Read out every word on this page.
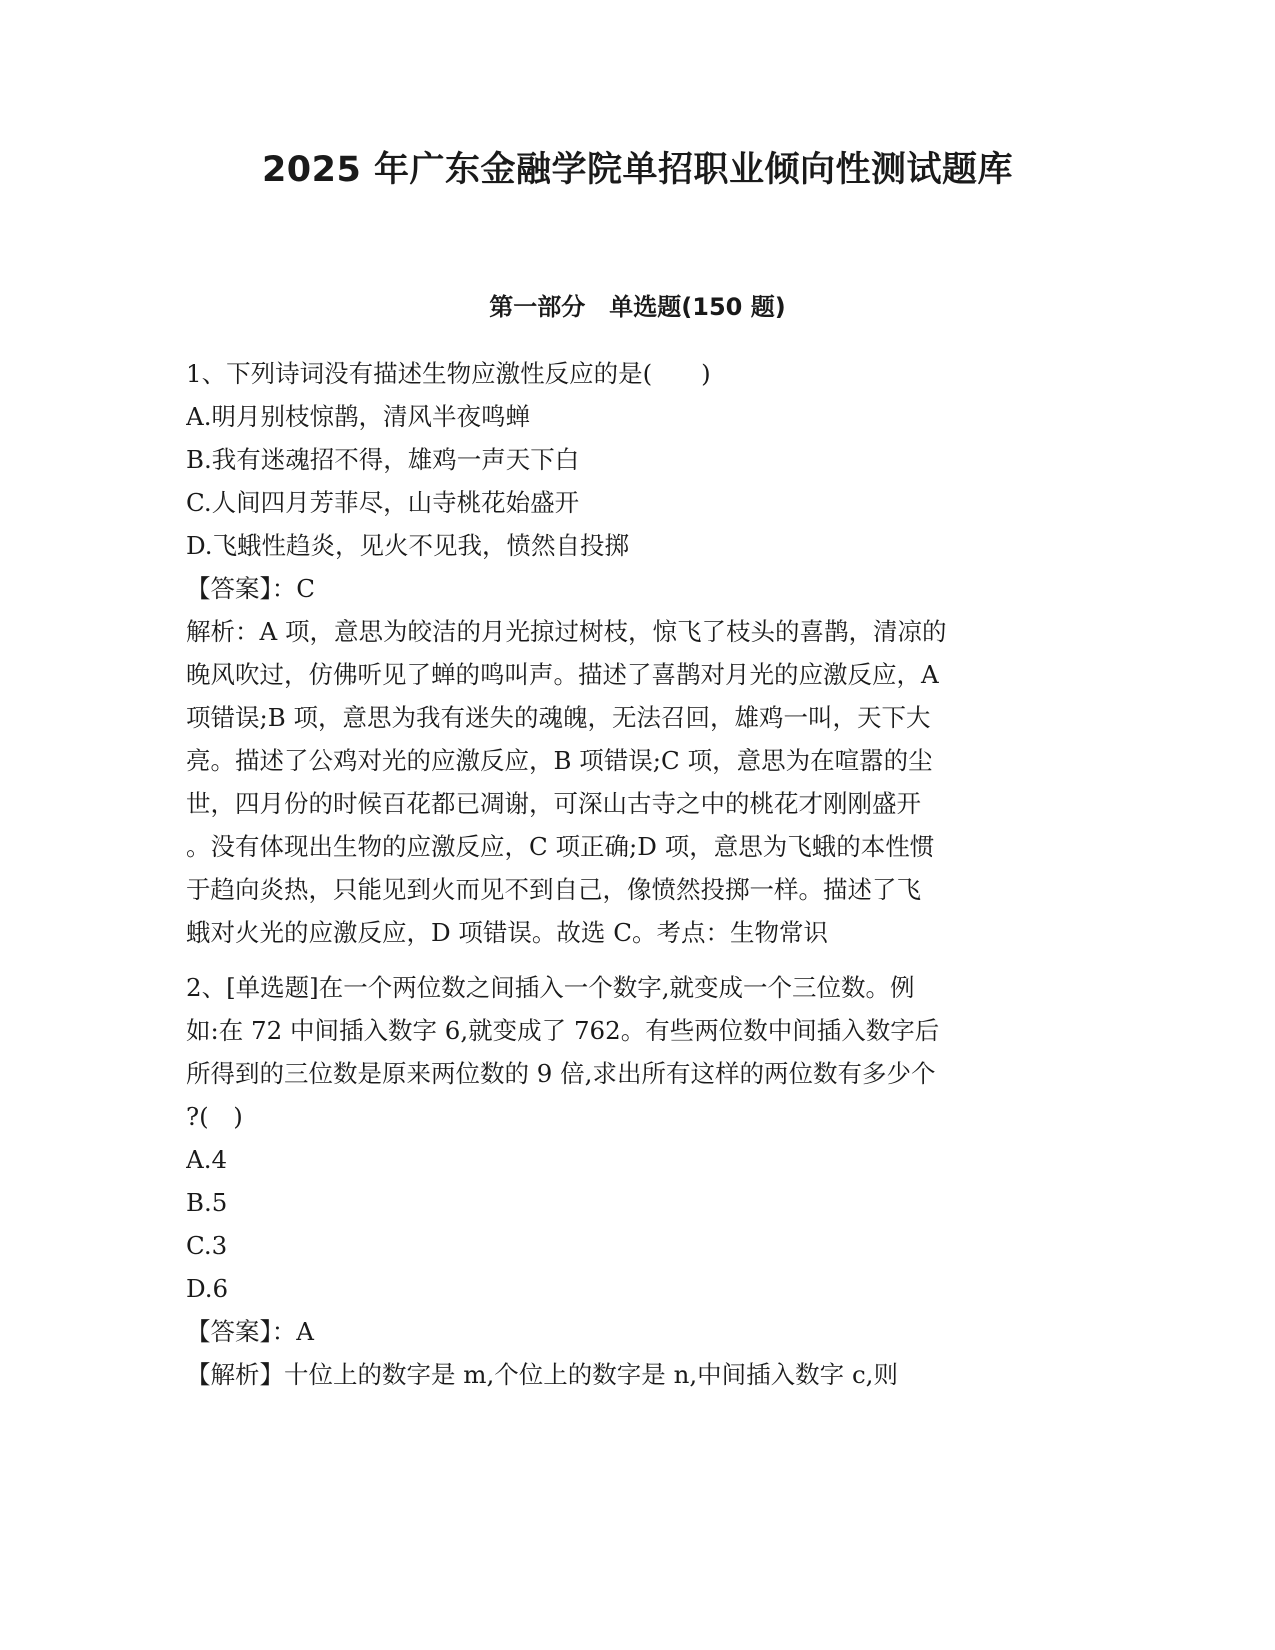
2025 年广东金融学院单招职业倾向性测试题库
第一部分　单选题(150 题)
1、下列诗词没有描述生物应激性反应的是(　　)
A.明月别枝惊鹊，清风半夜鸣蝉
B.我有迷魂招不得，雄鸡一声天下白
C.人间四月芳菲尽，山寺桃花始盛开
D.飞蛾性趋炎，见火不见我，愤然自投掷
【答案】：C
解析：A 项，意思为皎洁的月光掠过树枝，惊飞了枝头的喜鹊，清凉的
晚风吹过，仿佛听见了蝉的鸣叫声。描述了喜鹊对月光的应激反应，A
项错误;B 项，意思为我有迷失的魂魄，无法召回，雄鸡一叫，天下大
亮。描述了公鸡对光的应激反应，B 项错误;C 项，意思为在喧嚣的尘
世，四月份的时候百花都已凋谢，可深山古寺之中的桃花才刚刚盛开
。没有体现出生物的应激反应，C 项正确;D 项，意思为飞蛾的本性惯
于趋向炎热，只能见到火而见不到自己，像愤然投掷一样。描述了飞
蛾对火光的应激反应，D 项错误。故选 C。考点：生物常识
2、[单选题]在一个两位数之间插入一个数字,就变成一个三位数。例
如:在 72 中间插入数字 6,就变成了 762。有些两位数中间插入数字后
所得到的三位数是原来两位数的 9 倍,求出所有这样的两位数有多少个
?(　)
A.4
B.5
C.3
D.6
【答案】：A
【解析】十位上的数字是 m,个位上的数字是 n,中间插入数字 c,则
